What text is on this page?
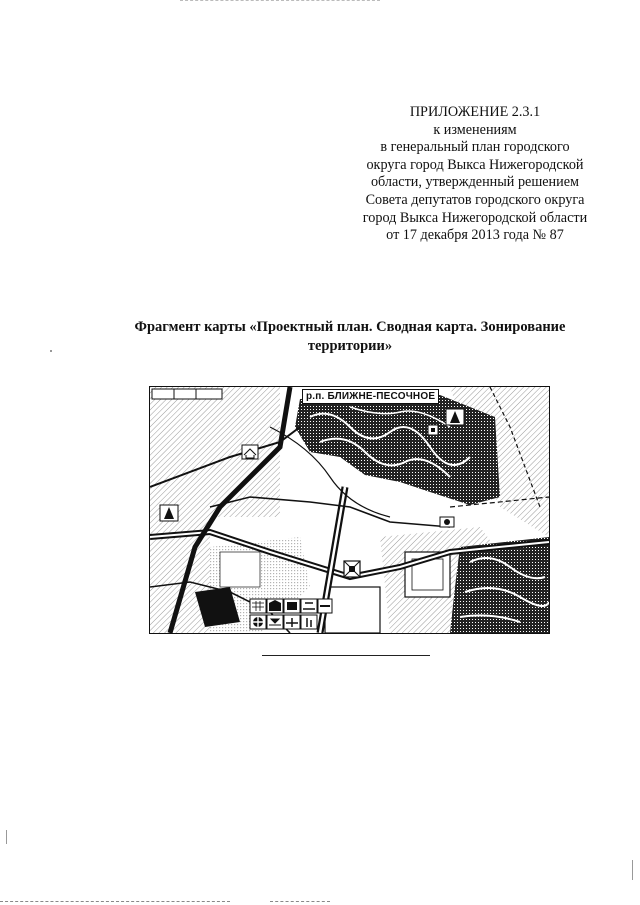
ПРИЛОЖЕНИЕ 2.3.1
к изменениям
в генеральный план городского
округа город Выкса Нижегородской
области, утвержденный решением
Совета депутатов городского округа
город Выкса Нижегородской области
от 17 декабря 2013 года № 87
Фрагмент карты «Проектный план. Сводная карта. Зонирование
территории»
р.п. БЛИЖНЕ-ПЕСОЧНОЕ
